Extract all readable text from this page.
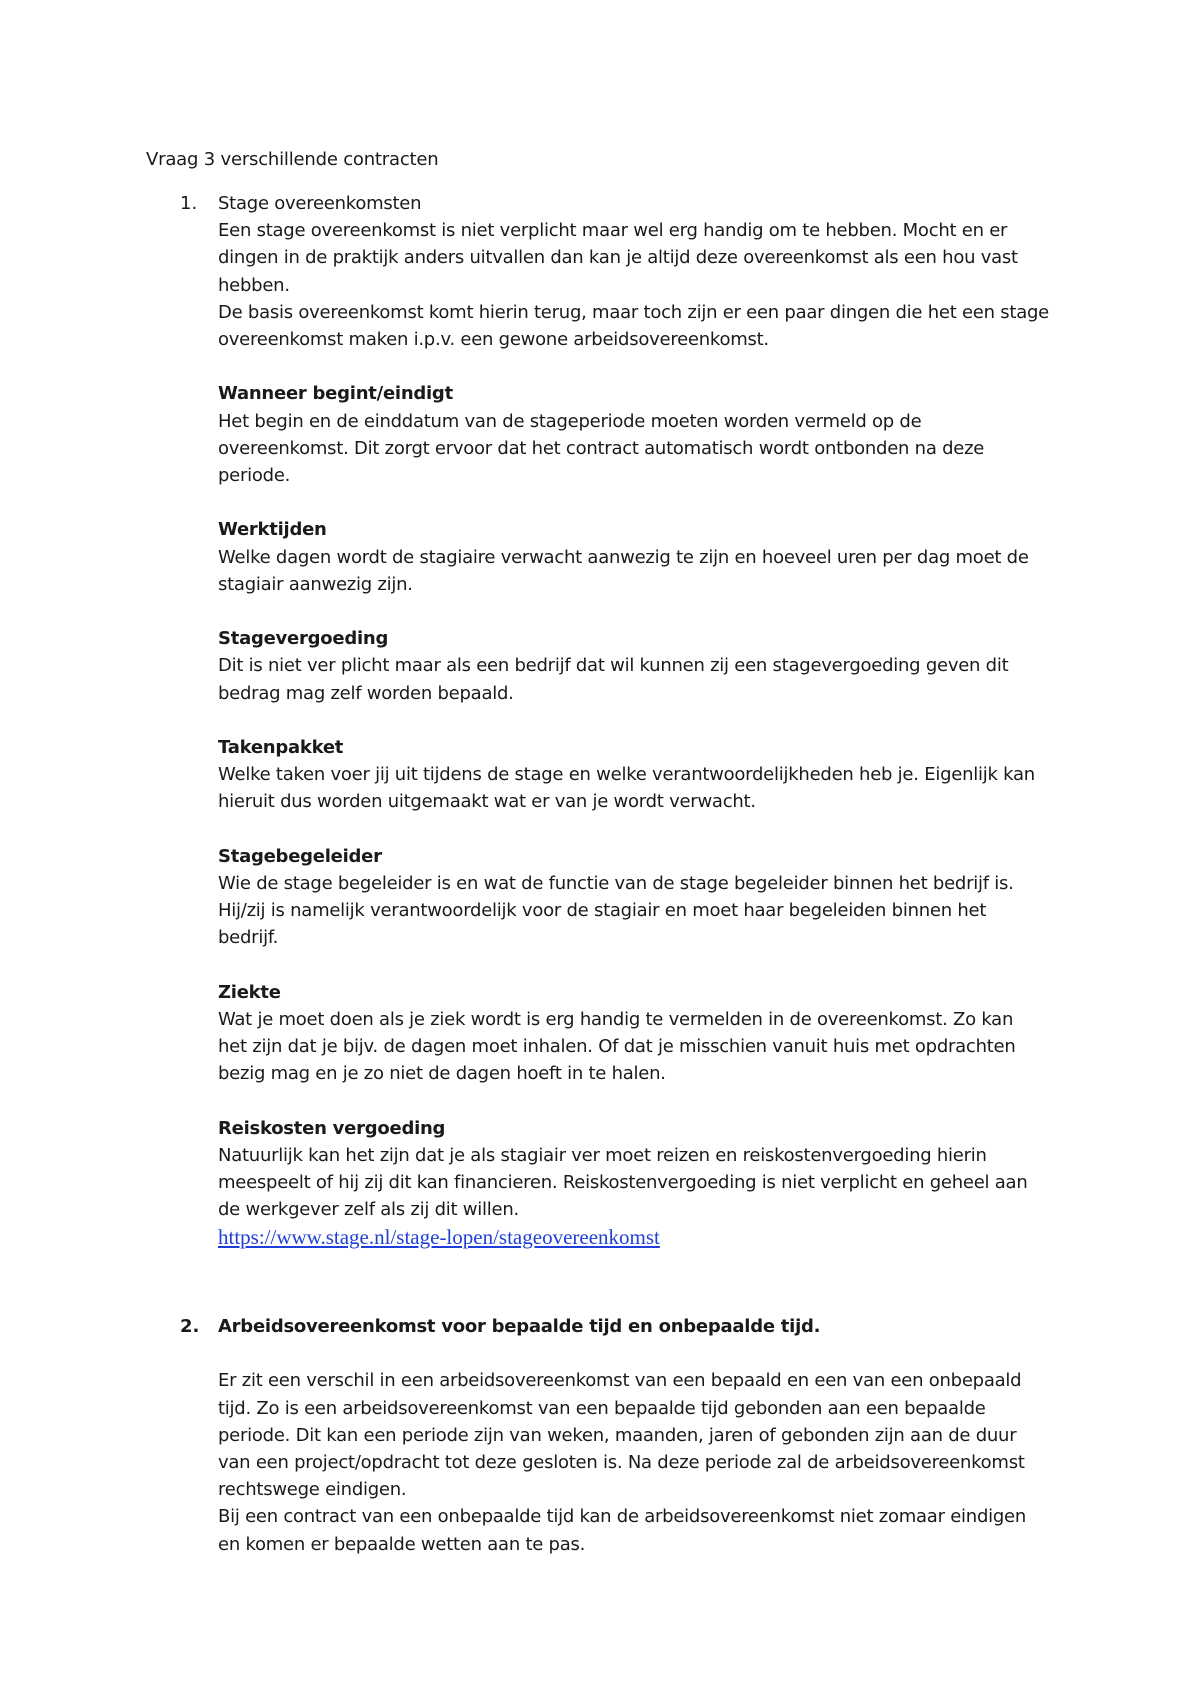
Vraag 3 verschillende contracten
1. Stage overeenkomsten

Een stage overeenkomst is niet verplicht maar wel erg handig om te hebben. Mocht en er

dingen in de praktijk anders uitvallen dan kan je altijd deze overeenkomst als een hou vast

hebben.

De basis overeenkomst komt hierin terug, maar toch zijn er een paar dingen die het een stage

overeenkomst maken i.p.v. een gewone arbeidsovereenkomst.

Wanneer begint/eindigt

Het begin en de einddatum van de stageperiode moeten worden vermeld op de

overeenkomst. Dit zorgt ervoor dat het contract automatisch wordt ontbonden na deze

periode.

Werktijden

Welke dagen wordt de stagiaire verwacht aanwezig te zijn en hoeveel uren per dag moet de

stagiair aanwezig zijn.

Stagevergoeding

Dit is niet ver plicht maar als een bedrijf dat wil kunnen zij een stagevergoeding geven dit

bedrag mag zelf worden bepaald.

Takenpakket

Welke taken voer jij uit tijdens de stage en welke verantwoordelijkheden heb je. Eigenlijk kan

hieruit dus worden uitgemaakt wat er van je wordt verwacht.

Stagebegeleider

Wie de stage begeleider is en wat de functie van de stage begeleider binnen het bedrijf is.

Hij/zij is namelijk verantwoordelijk voor de stagiair en moet haar begeleiden binnen het

bedrijf.

Ziekte

Wat je moet doen als je ziek wordt is erg handig te vermelden in de overeenkomst. Zo kan

het zijn dat je bijv. de dagen moet inhalen. Of dat je misschien vanuit huis met opdrachten

bezig mag en je zo niet de dagen hoeft in te halen.

Reiskosten vergoeding

Natuurlijk kan het zijn dat je als stagiair ver moet reizen en reiskostenvergoeding hierin

meespeelt of hij zij dit kan financieren. Reiskostenvergoeding is niet verplicht en geheel aan

de werkgever zelf als zij dit willen.

https://www.stage.nl/stage-lopen/stageovereenkomst

2. Arbeidsovereenkomst voor bepaalde tijd en onbepaalde tijd.

Er zit een verschil in een arbeidsovereenkomst van een bepaald en een van een onbepaald

tijd. Zo is een arbeidsovereenkomst van een bepaalde tijd gebonden aan een bepaalde

periode. Dit kan een periode zijn van weken, maanden, jaren of gebonden zijn aan de duur

van een project/opdracht tot deze gesloten is. Na deze periode zal de arbeidsovereenkomst

rechtswege eindigen.

Bij een contract van een onbepaalde tijd kan de arbeidsovereenkomst niet zomaar eindigen

en komen er bepaalde wetten aan te pas.
